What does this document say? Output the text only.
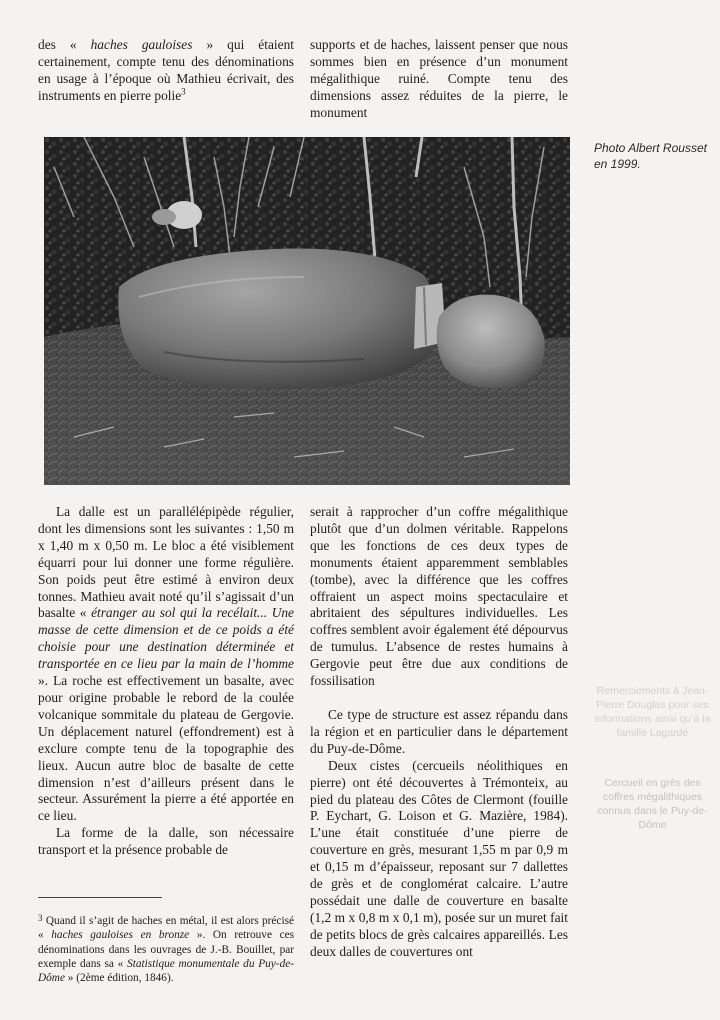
des « haches gauloises » qui étaient certainement, compte tenu des dénominations en usage à l’époque où Mathieu écrivait, des instruments en pierre polie$^3$

supports et de haches, laissent penser que nous sommes bien en présence d’un monument mégalithique ruiné. Compte tenu des dimensions assez réduites de la pierre, le monument

Photo Albert Rousset en 1999.

La dalle est un parallélépipède régulier, dont les dimensions sont les suivantes : 1,50 m x 1,40 m x 0,50 m. Le bloc a été visiblement équarri pour lui donner une forme régulière. Son poids peut être estimé à environ deux tonnes. Mathieu avait noté qu’il s’agissait d’un basalte « étranger au sol qui la recélait... Une masse de cette dimension et de ce poids a été choisie pour une destination déterminée et transportée en ce lieu par la main de l’homme ». La roche est effectivement un basalte, avec pour origine probable le rebord de la coulée volcanique sommitale du plateau de Gergovie. Un déplacement naturel (effondrement) est à exclure compte tenu de la topographie des lieux. Aucun autre bloc de basalte de cette dimension n’est d’ailleurs présent dans le secteur. Assurément la pierre a été apportée en ce lieu.

La forme de la dalle, son nécessaire transport et la présence probable de

serait à rapprocher d’un coffre mégalithique plutôt que d’un dolmen véritable. Rappelons que les fonctions de ces deux types de monuments étaient apparemment semblables (tombe), avec la différence que les coffres offraient un aspect moins spectaculaire et abritaient des sépultures individuelles. Les coffres semblent avoir également été dépourvus de tumulus. L’absence de restes humains à Gergovie peut être due aux conditions de fossilisation

Ce type de structure est assez répandu dans la région et en particulier dans le département du Puy-de-Dôme.

Deux cistes (cercueils néolithiques en pierre) ont été découvertes à Trémonteix, au pied du plateau des Côtes de Clermont (fouille P. Eychart, G. Loison et G. Mazière, 1984). L’une était constituée d’une pierre de couverture en grès, mesurant 1,55 m par 0,9 m et 0,15 m d’épaisseur, reposant sur 7 dallettes de grès et de conglomérat calcaire. L’autre possédait une dalle de couverture en basalte (1,2 m x 0,8 m x 0,1 m), posée sur un muret fait de petits blocs de grès calcaires appareillés. Les deux dalles de couvertures ont

$^3$ Quand il s’agit de haches en métal, il est alors précisé « haches gauloises en bronze ». On retrouve ces dénominations dans les ouvrages de J.-B. Bouillet, par exemple dans sa « Statistique monumentale du Puy-de-Dôme » (2ème édition, 1846).

Remerciements à Jean-Pierre Douglas pour ses informations ainsi qu’à la famille Lagardé
Cercueil en grès des coffres mégalithiques connus dans le Puy-de-Dôme
